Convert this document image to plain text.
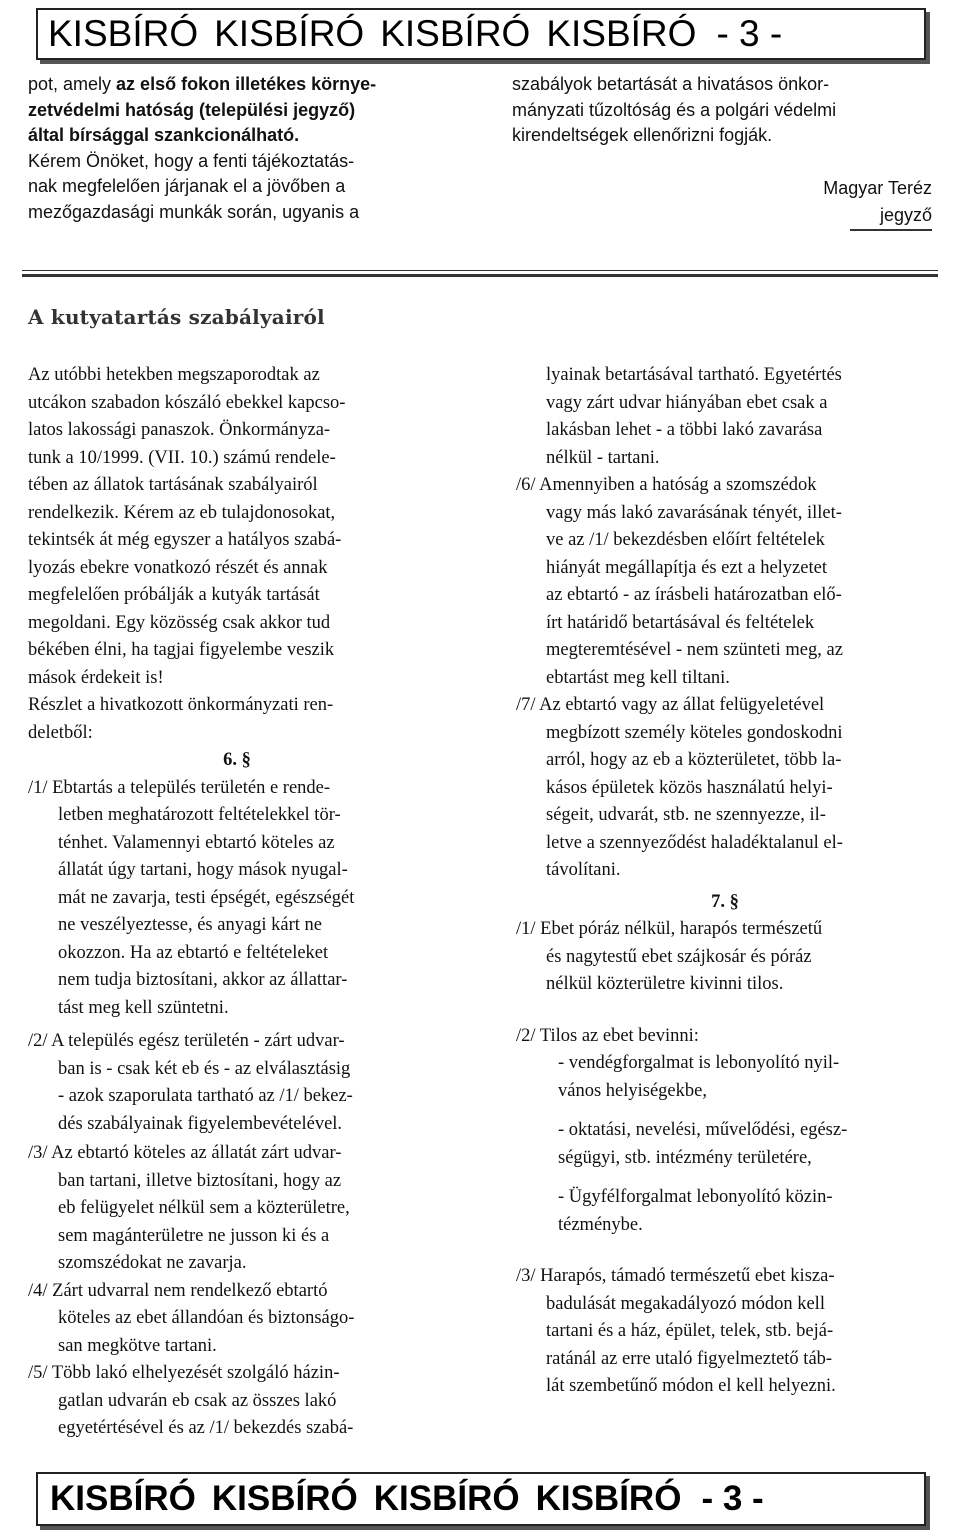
KISBÍRÓ KISBÍRÓ KISBÍRÓ KISBÍRÓ - 3 -

pot, amely az első fokon illetékes környe-

zetvédelmi hatóság (települési jegyző)

által bírsággal szankcionálható.

Kérem Önöket, hogy a fenti tájékoztatás-

nak megfelelően járjanak el a jövőben a

mezőgazdasági munkák során, ugyanis a

szabályok betartását a hivatásos önkor-

mányzati tűzoltóság és a polgári védelmi

kirendeltségek ellenőrizni fogják.

Magyar Teréz
jegyző
A kutyatartás szabályairól

Az utóbbi hetekben megszaporodtak az

utcákon szabadon kószáló ebekkel kapcso-

latos lakossági panaszok. Önkormányza-

tunk a 10/1999. (VII. 10.) számú rendele-

tében az állatok tartásának szabályairól

rendelkezik. Kérem az eb tulajdonosokat,

tekintsék át még egyszer a hatályos szabá-

lyozás ebekre vonatkozó részét és annak

megfelelően próbálják a kutyák tartását

megoldani. Egy közösség csak akkor tud

békében élni, ha tagjai figyelembe veszik

mások érdekeit is!

Részlet a hivatkozott önkormányzati ren-

deletből:

6. §

/1/ Ebtartás a település területén e rende-

letben meghatározott feltételekkel tör-

ténhet. Valamennyi ebtartó köteles az

állatát úgy tartani, hogy mások nyugal-

mát ne zavarja, testi épségét, egészségét

ne veszélyeztesse, és anyagi kárt ne

okozzon. Ha az ebtartó e feltételeket

nem tudja biztosítani, akkor az állattar-

tást meg kell szüntetni.

/2/ A település egész területén - zárt udvar-

ban is - csak két eb és - az elválasztásig

- azok szaporulata tartható az /1/ bekez-

dés szabályainak figyelembevételével.

/3/ Az ebtartó köteles az állatát zárt udvar-

ban tartani, illetve biztosítani, hogy az

eb felügyelet nélkül sem a közterületre,

sem magánterületre ne jusson ki és a

szomszédokat ne zavarja.

/4/ Zárt udvarral nem rendelkező ebtartó

köteles az ebet állandóan és biztonságo-

san megkötve tartani.

/5/ Több lakó elhelyezését szolgáló házin-

gatlan udvarán eb csak az összes lakó

egyetértésével és az /1/ bekezdés szabá-

lyainak betartásával tartható. Egyetértés

vagy zárt udvar hiányában ebet csak a

lakásban lehet - a többi lakó zavarása

nélkül - tartani.

/6/ Amennyiben a hatóság a szomszédok

vagy más lakó zavarásának tényét, illet-

ve az /1/ bekezdésben előírt feltételek

hiányát megállapítja és ezt a helyzetet

az ebtartó - az írásbeli határozatban elő-

írt határidő betartásával és feltételek

megteremtésével - nem szünteti meg, az

ebtartást meg kell tiltani.

/7/ Az ebtartó vagy az állat felügyeletével

megbízott személy köteles gondoskodni

arról, hogy az eb a közterületet, több la-

kásos épületek közös használatú helyi-

ségeit, udvarát, stb. ne szennyezze, il-

letve a szennyeződést haladéktalanul el-

távolítani.

7. §

/1/ Ebet póráz nélkül, harapós természetű

és nagytestű ebet szájkosár és póráz

nélkül közterületre kivinni tilos.

/2/ Tilos az ebet bevinni:

- vendégforgalmat is lebonyolító nyil-

vános helyiségekbe,

- oktatási, nevelési, művelődési, egész-

ségügyi, stb. intézmény területére,

- Ügyfélforgalmat lebonyolító közin-

tézménybe.

/3/ Harapós, támadó természetű ebet kisza-

badulását megakadályozó módon kell

tartani és a ház, épület, telek, stb. bejá-

ratánál az erre utaló figyelmeztető táb-

lát szembetűnő módon el kell helyezni.

KISBÍRÓ KISBÍRÓ KISBÍRÓ KISBÍRÓ - 3 -
